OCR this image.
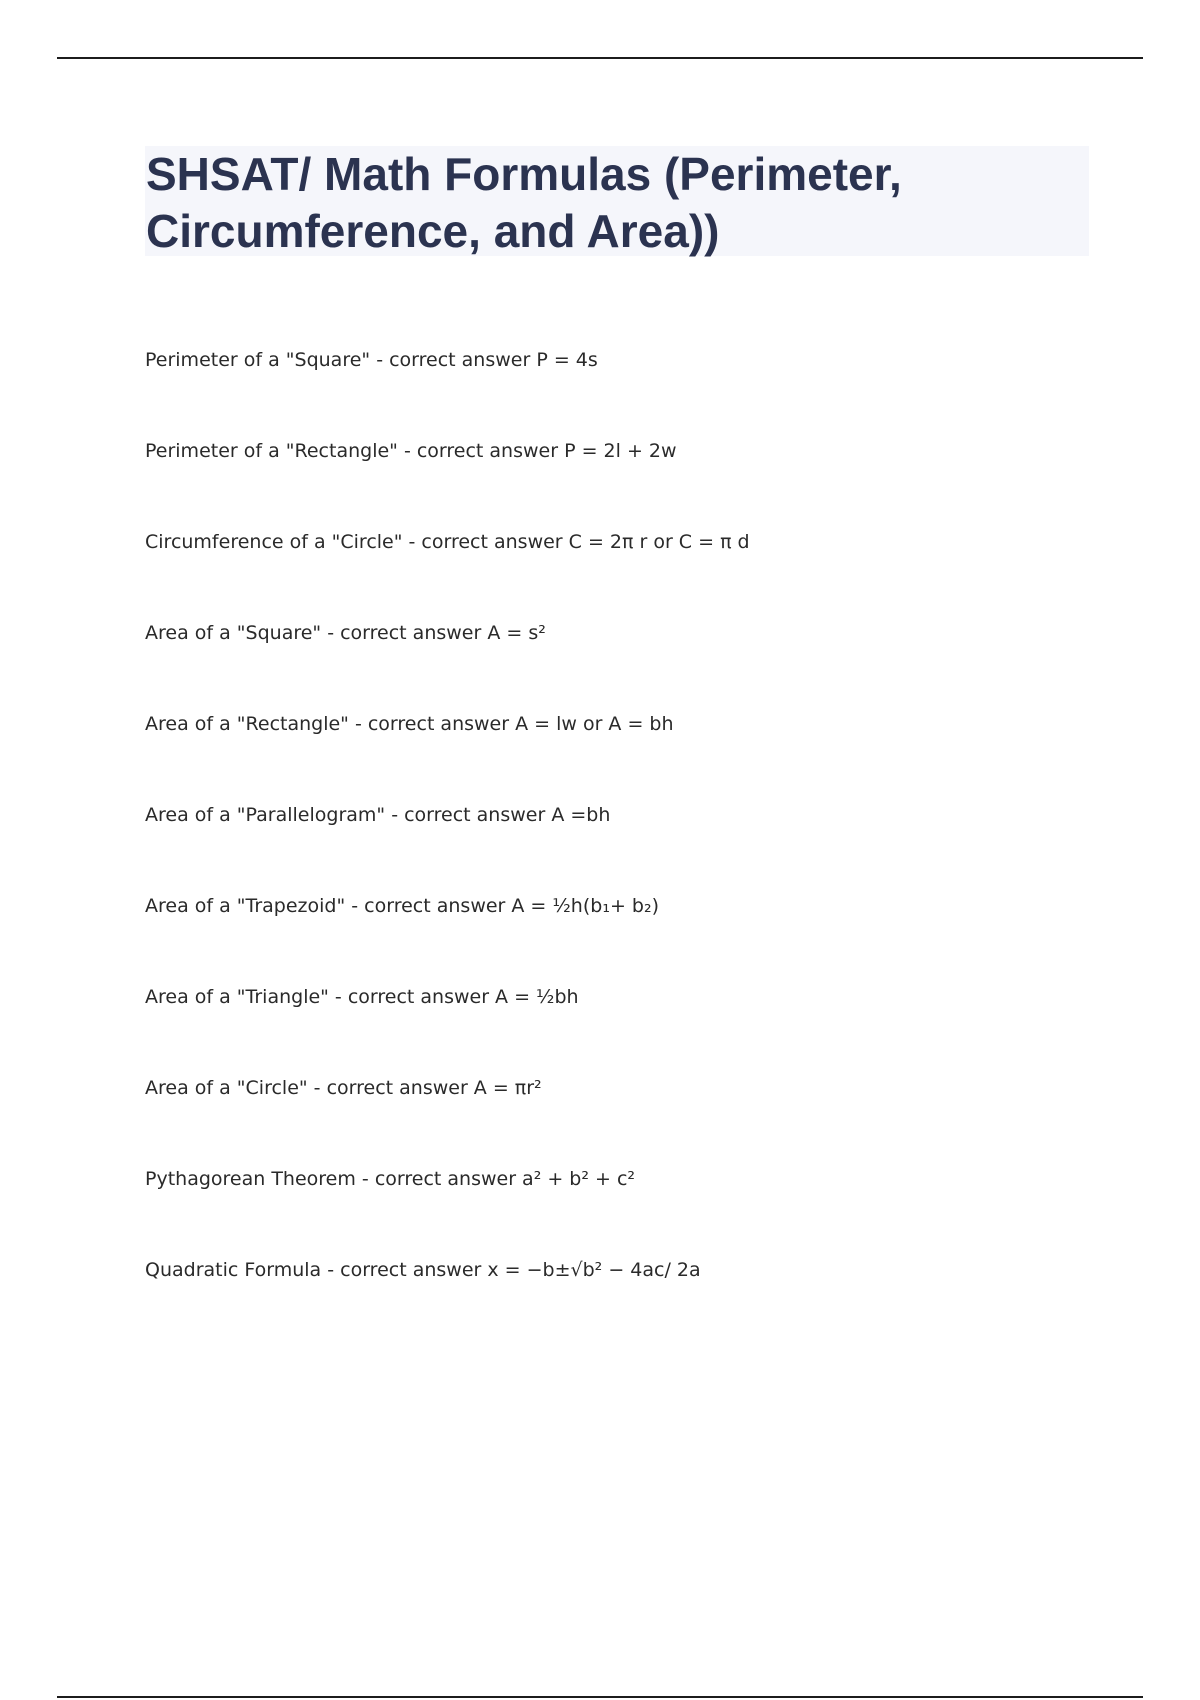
SHSAT/ Math Formulas (Perimeter, Circumference, and Area))
Perimeter of a "Square" - correct answer P = 4s
Perimeter of a "Rectangle" - correct answer P = 2l + 2w
Circumference of a "Circle" - correct answer C = 2π r or C = π d
Area of a "Square" - correct answer A = s²
Area of a "Rectangle" - correct answer A = lw or A = bh
Area of a "Parallelogram" - correct answer A =bh
Area of a "Trapezoid" - correct answer A = ½h(b₁+ b₂)
Area of a "Triangle" - correct answer A = ½bh
Area of a "Circle" - correct answer A = πr²
Pythagorean Theorem - correct answer a² + b² + c²
Quadratic Formula - correct answer x = −b±√b² − 4ac/ 2a
